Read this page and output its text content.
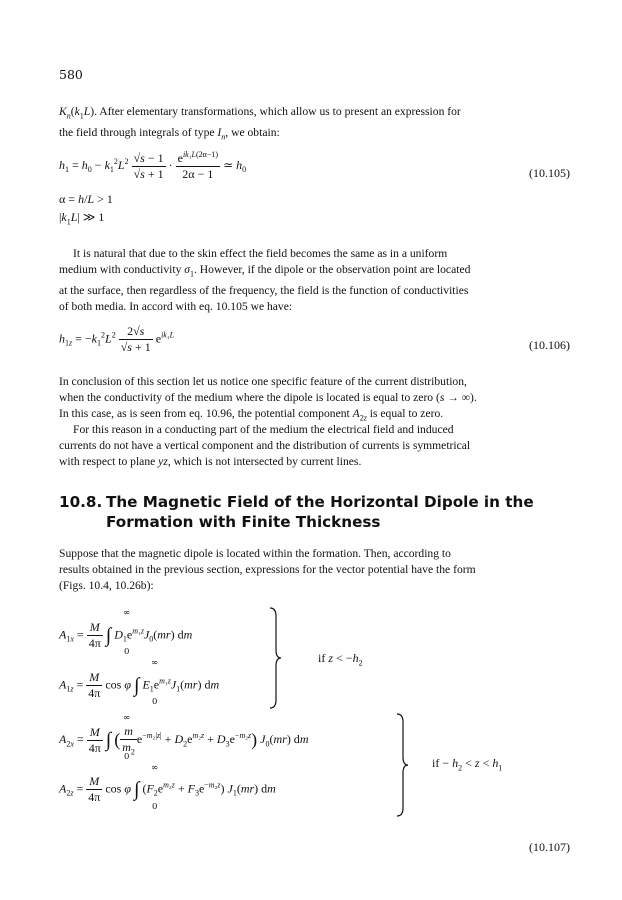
580
$K_n(k_1L)$. After elementary transformations, which allow us to present an expression for
the field through integrals of type $I_n$, we obtain:
$h_1 = h_0 - k_1^2L^2 \frac{√s - 1}{√s + 1} \cdot \frac{e^{ik_1L(2\alpha-1)}}{2\alpha - 1}$ ≃ $h_0$	(10.105)
α = h/L > 1
$|k_1L|$ ≫ 1
It is natural that due to the skin effect the field becomes the same as in a uniform
medium with conductivity $\sigma_1$. However, if the dipole or the observation point are located
at the surface, then regardless of the frequency, the field is the function of conductivities
of both media. In accord with eq. 10.105 we have:
$h_{1z} = -k_1^2L^2 \frac{2√s}{√s + 1} e^{ik_1L}$
(10.106)
In conclusion of this section let us notice one specific feature of the current distribution,
when the conductivity of the medium where the dipole is located is equal to zero (s → ∞).
In this case, as is seen from eq. 10.96, the potential component $A_{2z}$ is equal to zero.
For this reason in a conducting part of the medium the electrical field and induced
currents do not have a vertical component and the distribution of currents is symmetrical
with respect to plane yz, which is not intersected by current lines.
10.8. The Magnetic Field of the Horizontal Dipole in the
Formation with Finite Thickness
Suppose that the magnetic dipole is located within the formation. Then, according to
results obtained in the previous section, expressions for the vector potential have the form
(Figs. 10.4, 10.26b):
$A_{1x} = \frac{M}{4\pi}$ ∫ $D_1e^{m_1z}J_0(mr)$ dm
∞
0
$A_{1z} = \frac{M}{4\pi}$ cos φ ∫ $E_1e^{m_1z}J_1(mr)$ dm
∞
0
if $z < -h_2$
$A_{2x} = \frac{M}{4\pi}$ ∫ ( $\frac{m}{m_2} e^{-m_2|z|} + D_2e^{m_2z} + D_3e^{-m_2z}$) $J_0(mr)$ dm
∞
0
$A_{2z} = \frac{M}{4\pi}$ cos φ ∫ $(F_2e^{m_2z} + F_3e^{-m_2z})$ $J_1(mr)$ dm
∞
0
if − $h_2 < z < h_1$
(10.107)
